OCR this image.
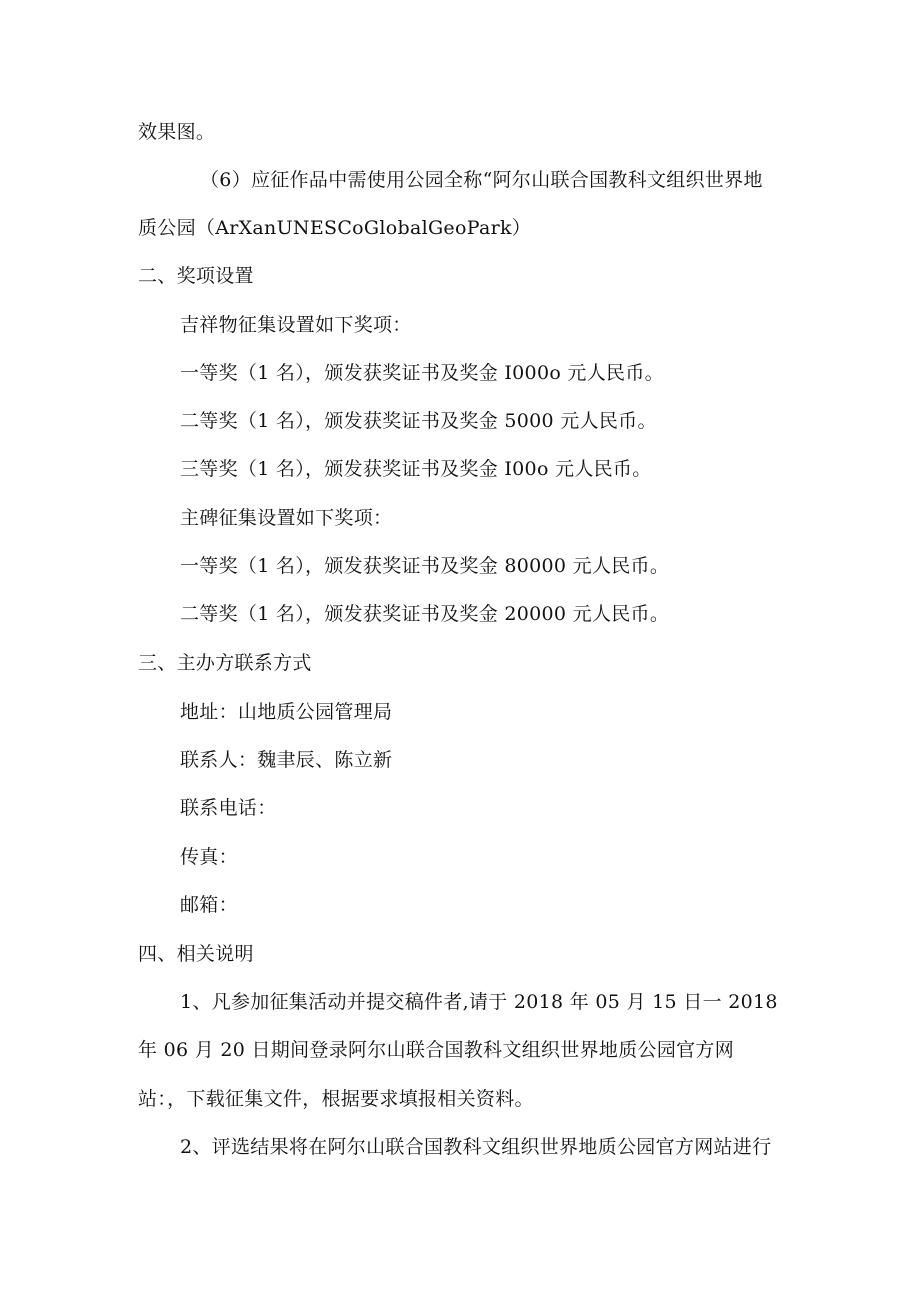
效果图。
（6）应征作品中需使用公园全称“阿尔山联合国教科文组织世界地
质公园（ArXanUNESCoGlobalGeoPark）
二、奖项设置
吉祥物征集设置如下奖项：
一等奖（1 名），颁发获奖证书及奖金 I000o 元人民币。
二等奖（1 名），颁发获奖证书及奖金 5000 元人民币。
三等奖（1 名），颁发获奖证书及奖金 I00o 元人民币。
主碑征集设置如下奖项：
一等奖（1 名），颁发获奖证书及奖金 80000 元人民币。
二等奖（1 名），颁发获奖证书及奖金 20000 元人民币。
三、主办方联系方式
地址：山地质公园管理局
联系人：魏聿辰、陈立新
联系电话：
传真：
邮箱：
四、相关说明
1、凡参加征集活动并提交稿件者,请于 2018 年 05 月 15 日一 2018
年 06 月 20 日期间登录阿尔山联合国教科文组织世界地质公园官方网
站：，下载征集文件，根据要求填报相关资料。
2、评选结果将在阿尔山联合国教科文组织世界地质公园官方网站进行
